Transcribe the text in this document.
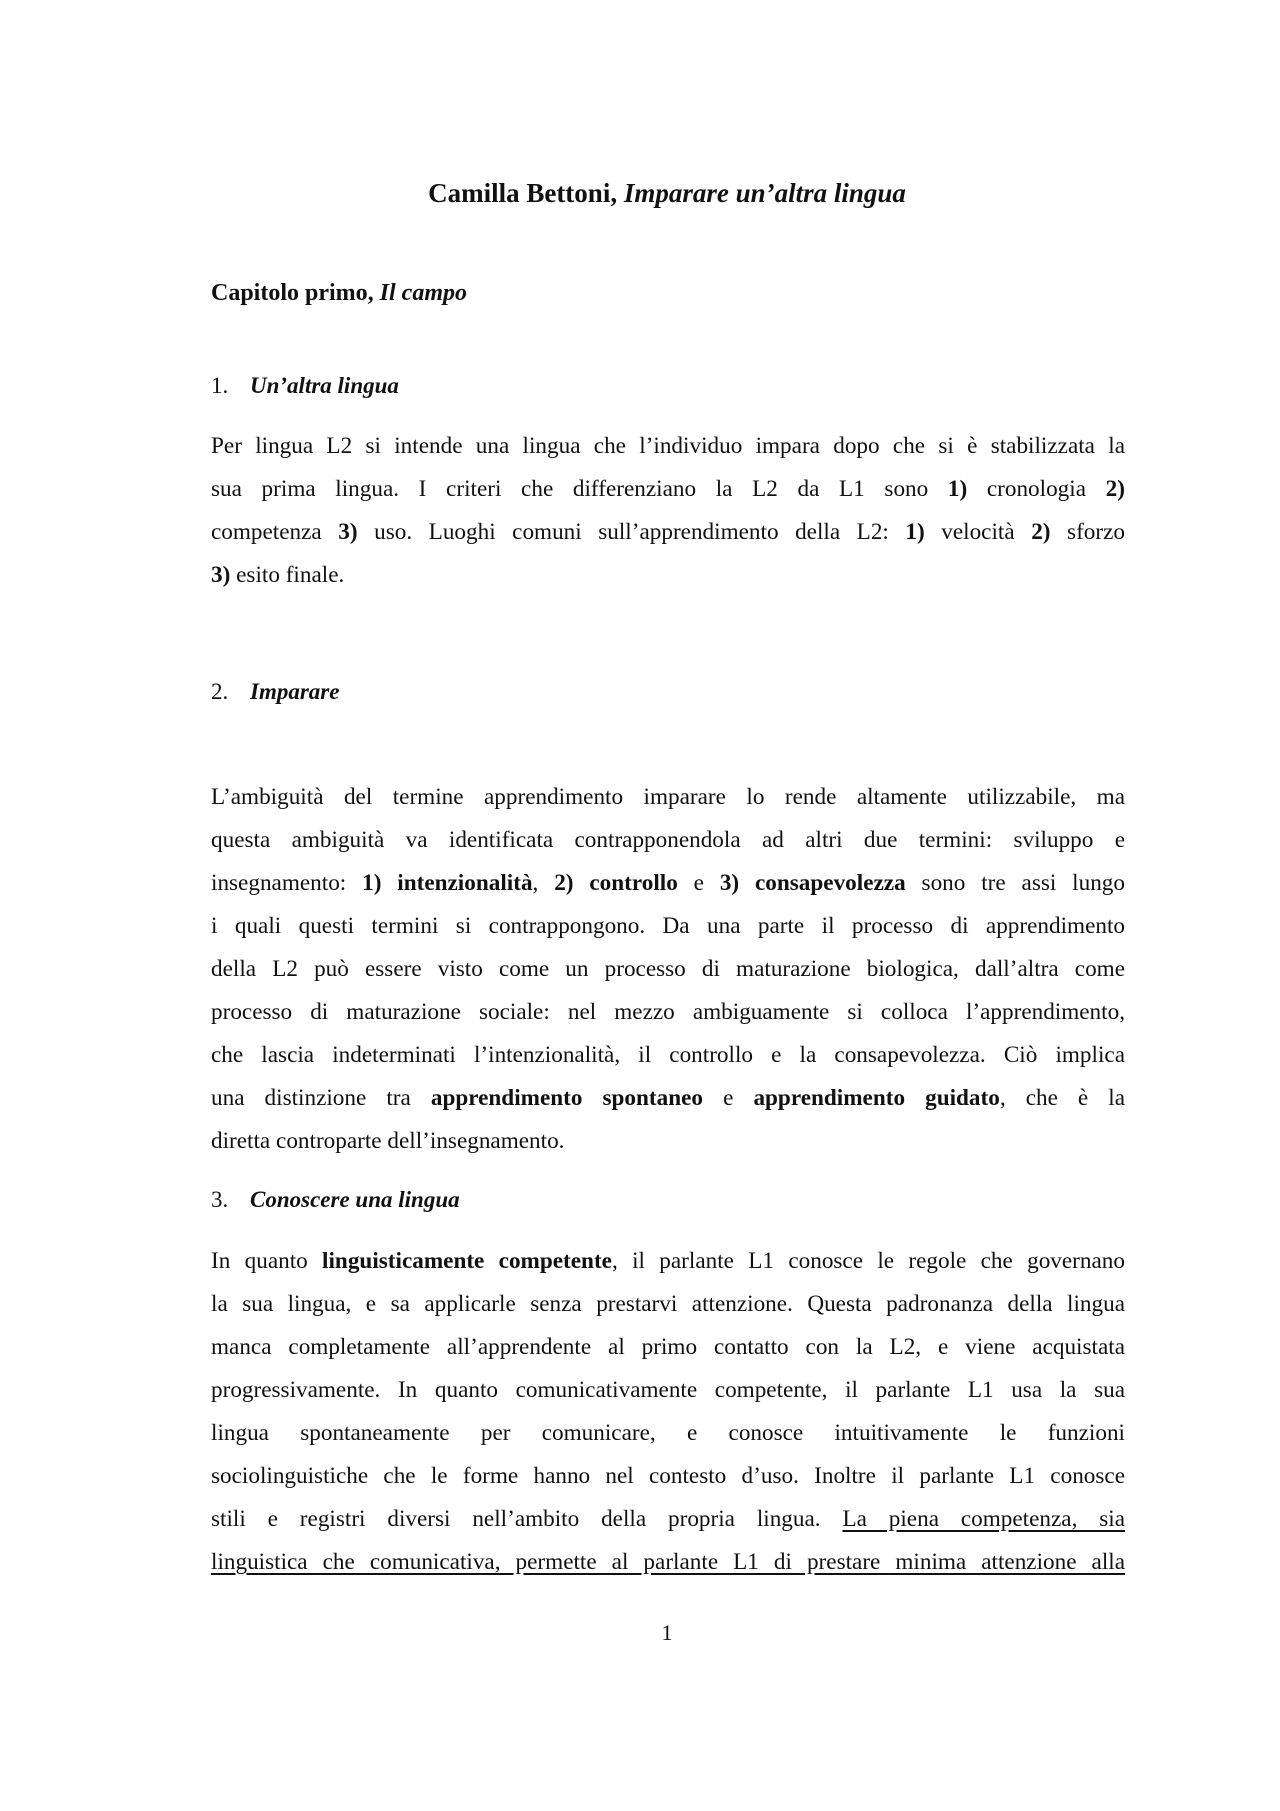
Camilla Bettoni, Imparare un’altra lingua
Capitolo primo, Il campo
1. Un’altra lingua
Per lingua L2 si intende una lingua che l’individuo impara dopo che si è stabilizzata la
sua prima lingua. I criteri che differenziano la L2 da L1 sono 1) cronologia 2)
competenza 3) uso. Luoghi comuni sull’apprendimento della L2: 1) velocità 2) sforzo
3) esito finale.
2. Imparare
L’ambiguità del termine apprendimento imparare lo rende altamente utilizzabile, ma
questa ambiguità va identificata contrapponendola ad altri due termini: sviluppo e
insegnamento: 1) intenzionalità, 2) controllo e 3) consapevolezza sono tre assi lungo
i quali questi termini si contrappongono. Da una parte il processo di apprendimento
della L2 può essere visto come un processo di maturazione biologica, dall’altra come
processo di maturazione sociale: nel mezzo ambiguamente si colloca l’apprendimento,
che lascia indeterminati l’intenzionalità, il controllo e la consapevolezza. Ciò implica
una distinzione tra apprendimento spontaneo e apprendimento guidato, che è la
diretta controparte dell’insegnamento.
3. Conoscere una lingua
In quanto linguisticamente competente, il parlante L1 conosce le regole che governano
la sua lingua, e sa applicarle senza prestarvi attenzione. Questa padronanza della lingua
manca completamente all’apprendente al primo contatto con la L2, e viene acquistata
progressivamente. In quanto comunicativamente competente, il parlante L1 usa la sua
lingua spontaneamente per comunicare, e conosce intuitivamente le funzioni
sociolinguistiche che le forme hanno nel contesto d’uso. Inoltre il parlante L1 conosce
stili e registri diversi nell’ambito della propria lingua. La piena competenza, sia
linguistica che comunicativa, permette al parlante L1 di prestare minima attenzione alla
1
